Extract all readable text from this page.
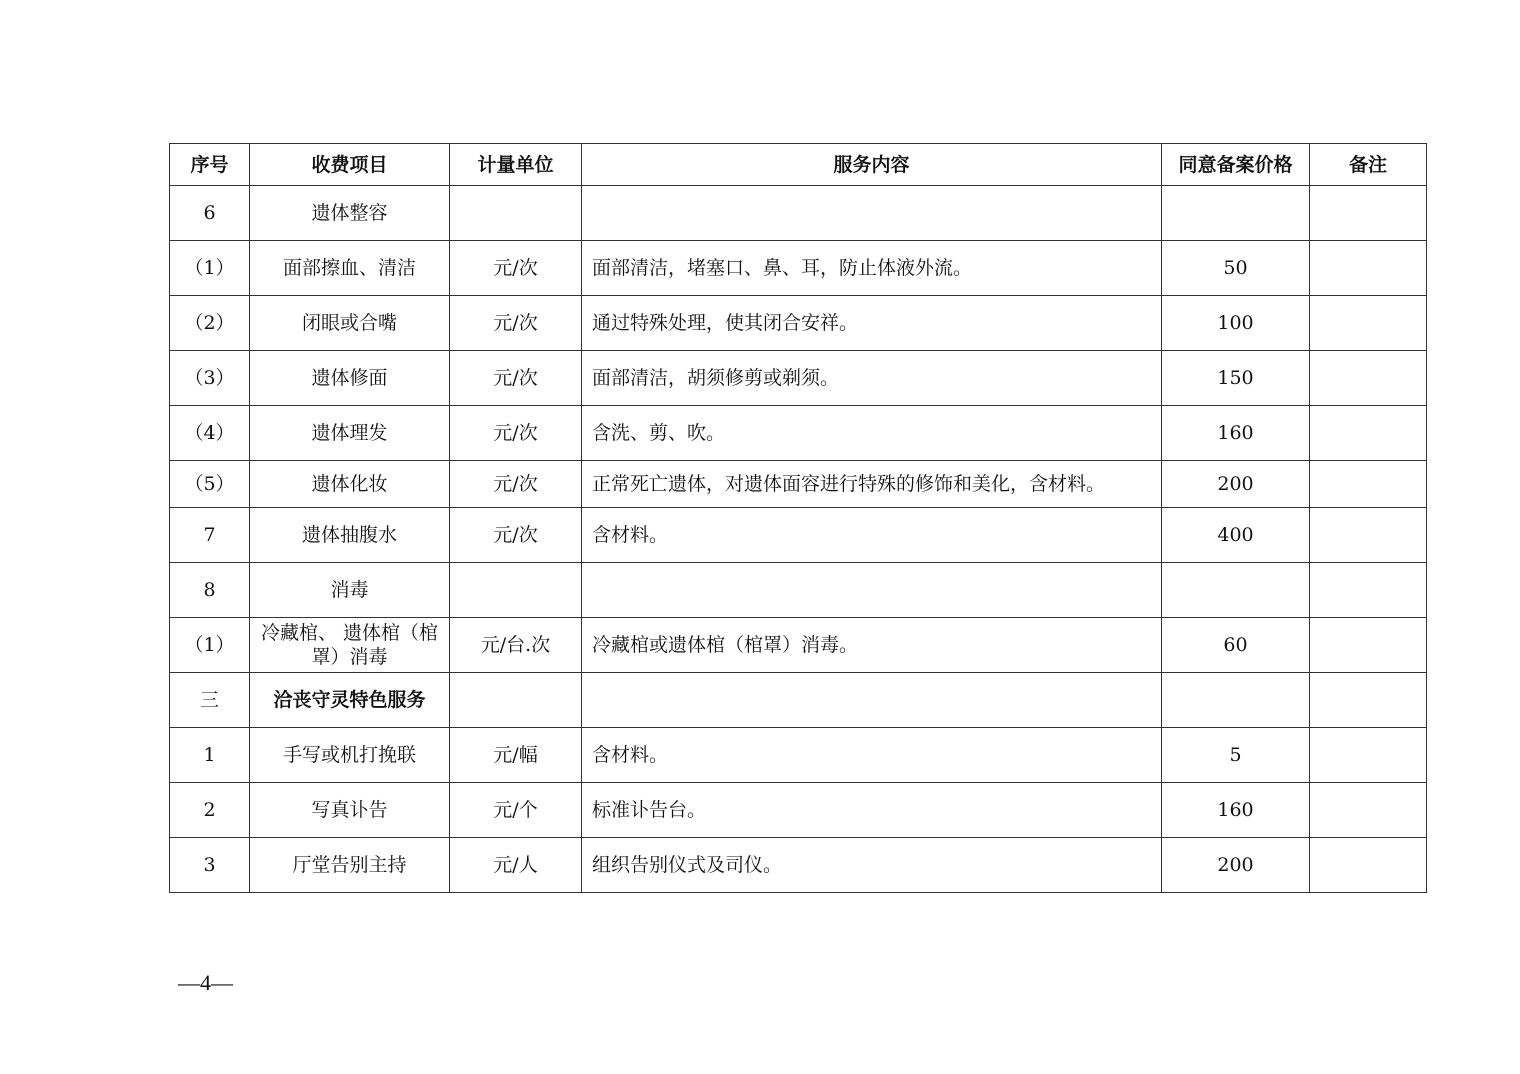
序号	收费项目	计量单位	服务内容	同意备案价格	备注
6	遗体整容				
（1）	面部擦血、清洁	元/次	面部清洁，堵塞口、鼻、耳，防止体液外流。	50	
（2）	闭眼或合嘴	元/次	通过特殊处理，使其闭合安祥。	100	
（3）	遗体修面	元/次	面部清洁，胡须修剪或剃须。	150	
（4）	遗体理发	元/次	含洗、剪、吹。	160	
（5）	遗体化妆	元/次	正常死亡遗体，对遗体面容进行特殊的修饰和美化，含材料。	200	
7	遗体抽腹水	元/次	含材料。	400	
8	消毒				
（1）	冷藏棺、 遗体棺（棺罩）消毒	元/台.次	冷藏棺或遗体棺（棺罩）消毒。	60	
三	洽丧守灵特色服务				
1	手写或机打挽联	元/幅	含材料。	5	
2	写真讣告	元/个	标准讣告台。	160	
3	厅堂告别主持	元/人	组织告别仪式及司仪。	200	
—4—
